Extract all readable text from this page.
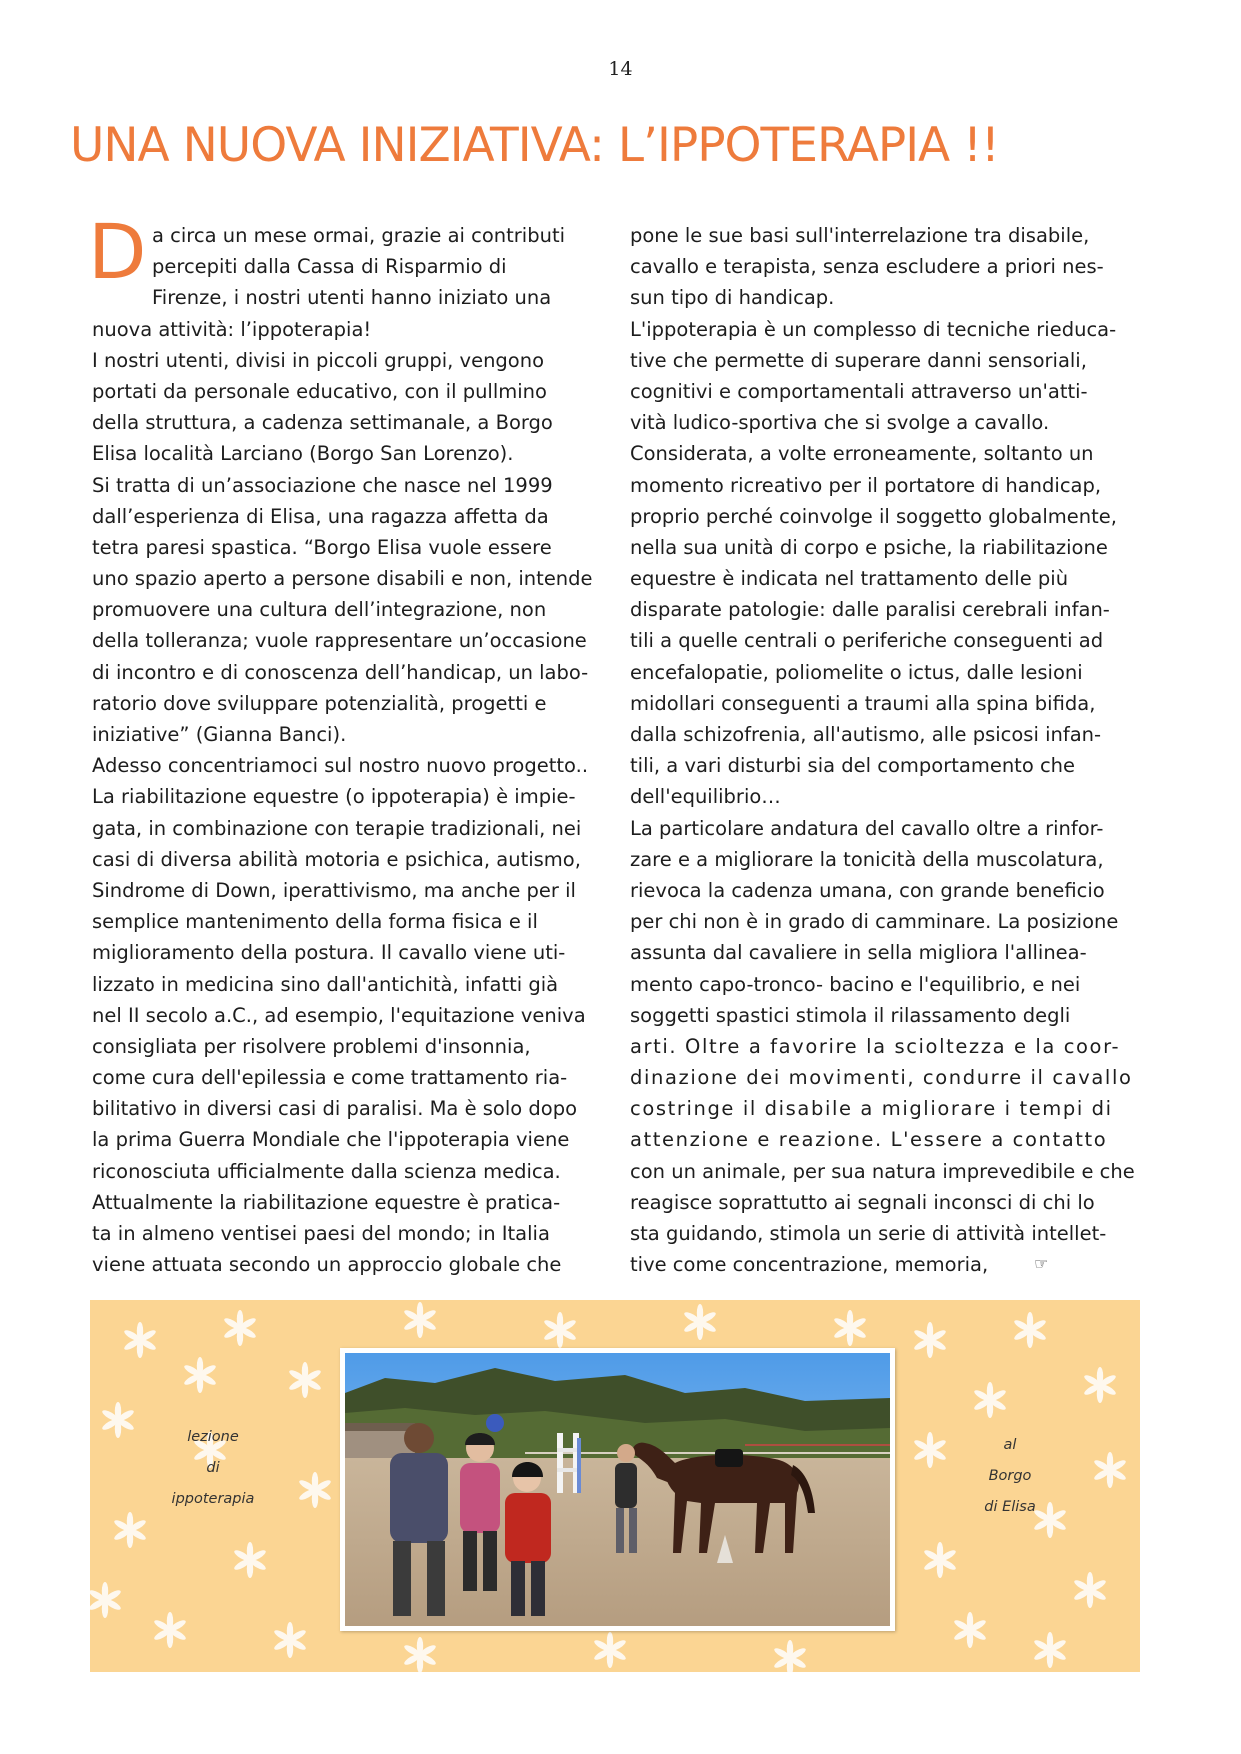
14
UNA NUOVA INIZIATIVA: L’IPPOTERAPIA !!
D a circa un mese ormai, grazie ai contributi
percepiti dalla Cassa di Risparmio di
Firenze, i nostri utenti hanno iniziato una
nuova attività: l’ippoterapia!
I nostri utenti, divisi in piccoli gruppi, vengono
portati da personale educativo, con il pullmino
della struttura, a cadenza settimanale, a Borgo
Elisa località Larciano (Borgo San Lorenzo).
Si tratta di un’associazione che nasce nel 1999
dall’esperienza di Elisa, una ragazza affetta da
tetra paresi spastica. “Borgo Elisa vuole essere
uno spazio aperto a persone disabili e non, intende
promuovere una cultura dell’integrazione, non
della tolleranza; vuole rappresentare un’occasione
di incontro e di conoscenza dell’handicap, un labo-
ratorio dove sviluppare potenzialità, progetti e
iniziative” (Gianna Banci).
Adesso concentriamoci sul nostro nuovo progetto..
La riabilitazione equestre (o ippoterapia) è impie-
gata, in combinazione con terapie tradizionali, nei
casi di diversa abilità motoria e psichica, autismo,
Sindrome di Down, iperattivismo, ma anche per il
semplice mantenimento della forma fisica e il
miglioramento della postura. Il cavallo viene uti-
lizzato in medicina sino dall'antichità, infatti già
nel II secolo a.C., ad esempio, l'equitazione veniva
consigliata per risolvere problemi d'insonnia,
come cura dell'epilessia e come trattamento ria-
bilitativo in diversi casi di paralisi. Ma è solo dopo
la prima Guerra Mondiale che l'ippoterapia viene
riconosciuta ufficialmente dalla scienza medica.
Attualmente la riabilitazione equestre è pratica-
ta in almeno ventisei paesi del mondo; in Italia
viene attuata secondo un approccio globale che
pone le sue basi sull'interrelazione tra disabile,
cavallo e terapista, senza escludere a priori nes-
sun tipo di handicap.
L'ippoterapia è un complesso di tecniche rieduca-
tive che permette di superare danni sensoriali,
cognitivi e comportamentali attraverso un'atti-
vità ludico-sportiva che si svolge a cavallo.
Considerata, a volte erroneamente, soltanto un
momento ricreativo per il portatore di handicap,
proprio perché coinvolge il soggetto globalmente,
nella sua unità di corpo e psiche, la riabilitazione
equestre è indicata nel trattamento delle più
disparate patologie: dalle paralisi cerebrali infan-
tili a quelle centrali o periferiche conseguenti ad
encefalopatie, poliomelite o ictus, dalle lesioni
midollari conseguenti a traumi alla spina bifida,
dalla schizofrenia, all'autismo, alle psicosi infan-
tili, a vari disturbi sia del comportamento che
dell'equilibrio…
La particolare andatura del cavallo oltre a rinfor-
zare e a migliorare la tonicità della muscolatura,
rievoca la cadenza umana, con grande beneficio
per chi non è in grado di camminare. La posizione
assunta dal cavaliere in sella migliora l'allinea-
mento capo-tronco- bacino e l'equilibrio, e nei
soggetti spastici stimola il rilassamento degli
arti. Oltre a favorire la scioltezza e la coor-
dinazione dei movimenti, condurre il cavallo
costringe il disabile a migliorare i tempi di
attenzione e reazione. L'essere a contatto
con un animale, per sua natura imprevedibile e che
reagisce soprattutto ai segnali inconsci di chi lo
sta guidando, stimola un serie di attività intellet-
tive come concentrazione, memoria,	☞
lezione
di
ippoterapia
al
Borgo
di Elisa
